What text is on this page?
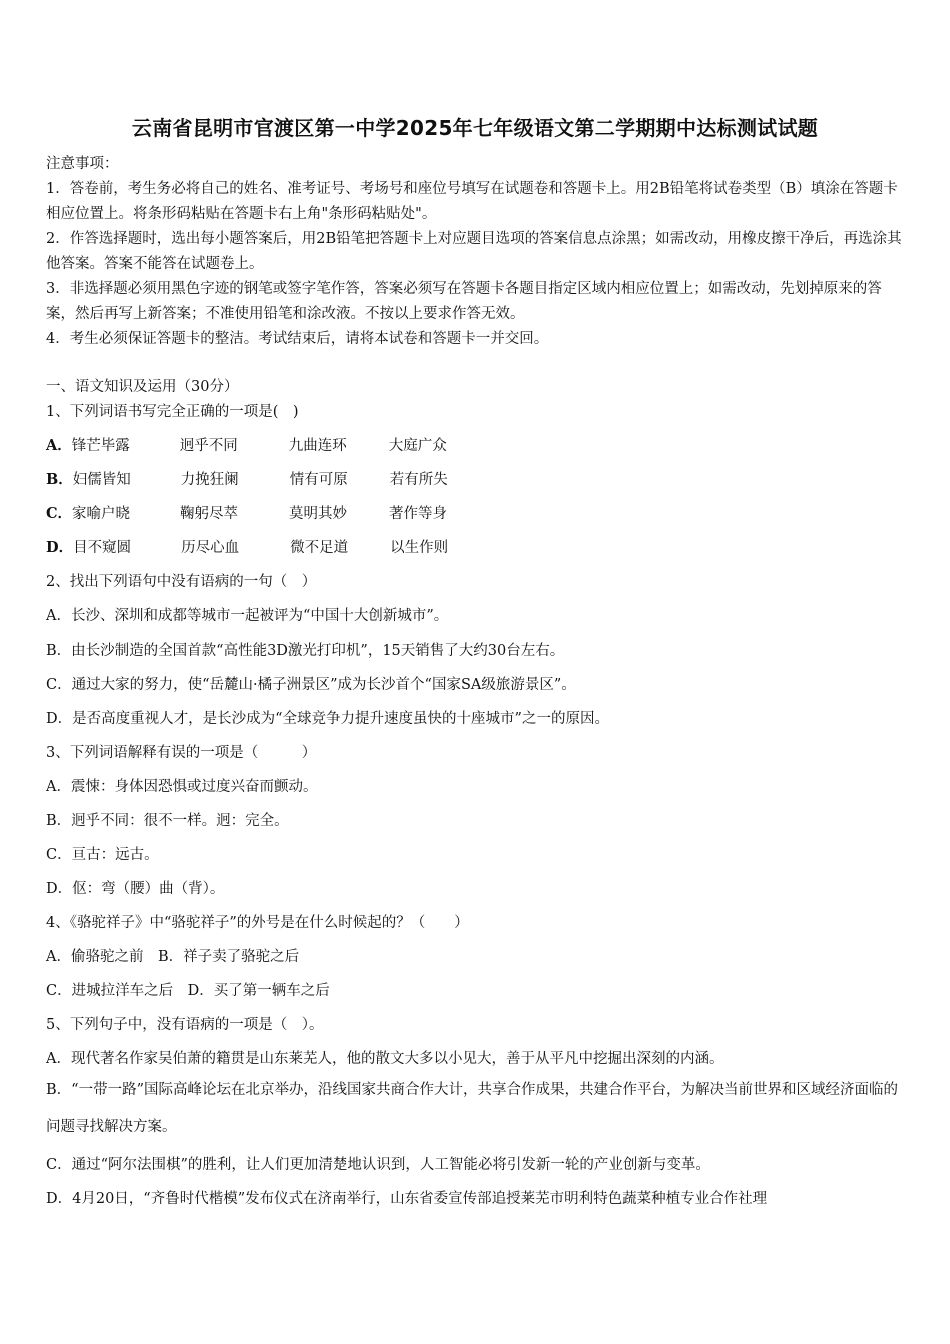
云南省昆明市官渡区第一中学2025年七年级语文第二学期期中达标测试试题

注意事项：

1．答卷前，考生务必将自己的姓名、准考证号、考场号和座位号填写在试题卷和答题卡上。用2B铅笔将试卷类型（B）填涂在答题卡相应位置上。将条形码粘贴在答题卡右上角"条形码粘贴处"。

2．作答选择题时，选出每小题答案后，用2B铅笔把答题卡上对应题目选项的答案信息点涂黑；如需改动，用橡皮擦干净后，再选涂其他答案。答案不能答在试题卷上。

3．非选择题必须用黑色字迹的钢笔或签字笔作答，答案必须写在答题卡各题目指定区域内相应位置上；如需改动，先划掉原来的答案，然后再写上新答案；不准使用铅笔和涂改液。不按以上要求作答无效。

4．考生必须保证答题卡的整洁。考试结束后，请将本试卷和答题卡一并交回。

一、语文知识及运用（30分）
1、下列词语书写完全正确的一项是(　)
A．锋芒毕露	迥乎不同	九曲连环	大庭广众
B．妇儒皆知	力挽狂阑	情有可原	若有所失
C．家喻户晓	鞠躬尽萃	莫明其妙	著作等身
D．目不窥圆	历尽心血	微不足道	以生作则
2、找出下列语句中没有语病的一句（　）
A．长沙、深圳和成都等城市一起被评为“中国十大创新城市”。
B．由长沙制造的全国首款“高性能3D激光打印机”，15天销售了大约30台左右。
C．通过大家的努力，使“岳麓山·橘子洲景区”成为长沙首个“国家SA级旅游景区”。
D．是否高度重视人才，是长沙成为“全球竞争力提升速度虽快的十座城市”之一的原因。
3、下列词语解释有误的一项是（　　　）
A．震悚：身体因恐惧或过度兴奋而颤动。
B．迥乎不同：很不一样。迥：完全。
C．亘古：远古。
D．伛：弯（腰）曲（背）。
4、《骆驼祥子》中“骆驼祥子”的外号是在什么时候起的？（　　）
A．偷骆驼之前　B．祥子卖了骆驼之后
C．进城拉洋车之后　D．买了第一辆车之后
5、下列句子中，没有语病的一项是（　）。
A．现代著名作家吴伯萧的籍贯是山东莱芜人，他的散文大多以小见大，善于从平凡中挖掘出深刻的内涵。
B．“一带一路”国际高峰论坛在北京举办，沿线国家共商合作大计，共享合作成果，共建合作平台，为解决当前世界和区域经济面临的问题寻找解决方案。
C．通过“阿尔法围棋”的胜利，让人们更加清楚地认识到，人工智能必将引发新一轮的产业创新与变革。
D．4月20日，“齐鲁时代楷模”发布仪式在济南举行，山东省委宣传部追授莱芜市明利特色蔬菜种植专业合作社理
